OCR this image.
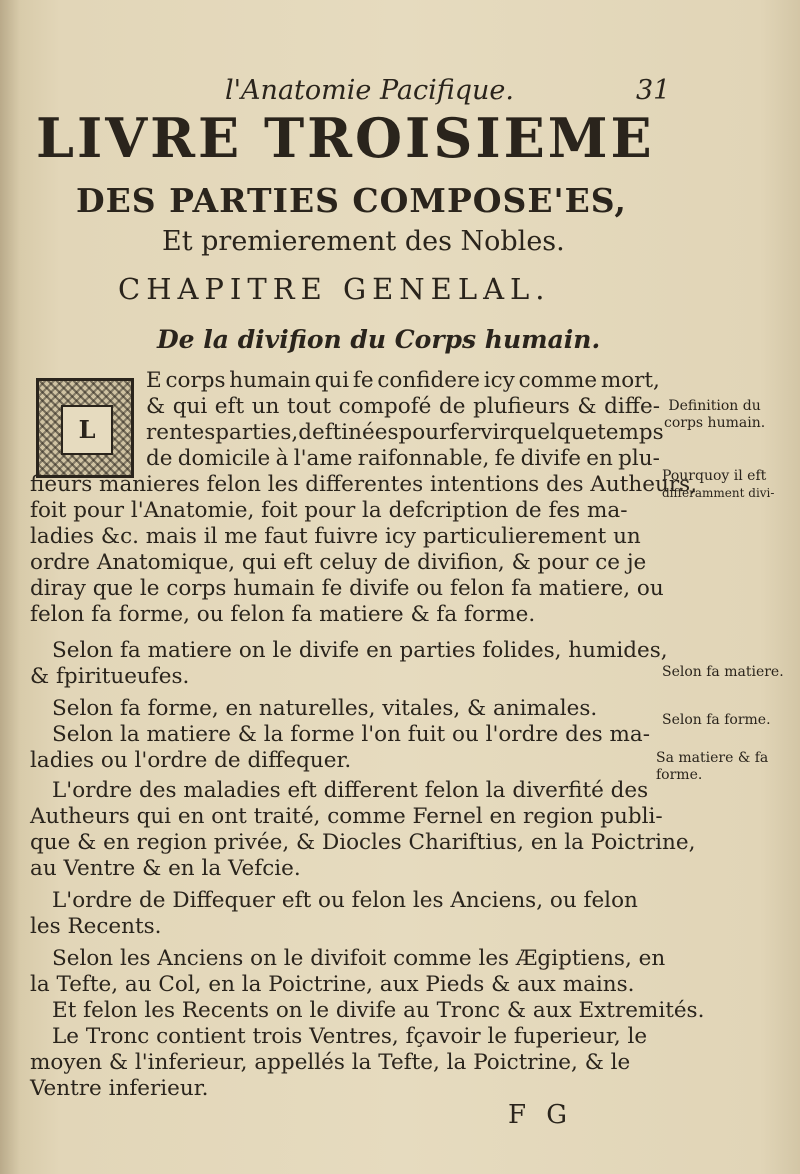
l'Anatomie Pacifique.	31
LIVRE TROISIEME
DES PARTIES COMPOSE'ES,
Et premierement des Nobles.
CHAPITRE GENELAL.
De la divifion du Corps humain.
L
E corps humain qui fe confidere icy comme mort,
& qui eft un tout compofé de plufieurs & diffe-
rentes parties, deftinées pour fervir quelque temps
de domicile à l'ame raifonnable, fe divife en plu-
fieurs manieres felon les differentes intentions des Autheurs,
foit pour l'Anatomie, foit pour la defcription de fes ma-
ladies &c. mais il me faut fuivre icy particulierement un
ordre Anatomique, qui eft celuy de divifion, & pour ce je
diray que le corps humain fe divife ou felon fa matiere, ou
felon fa forme, ou felon fa matiere & fa forme.
Selon fa matiere on le divife en parties folides, humides,
& fpiritueufes.
Selon fa forme, en naturelles, vitales, & animales.
Selon la matiere & la forme l'on fuit ou l'ordre des ma-
ladies ou l'ordre de diffequer.
L'ordre des maladies eft different felon la diverfité des
Autheurs qui en ont traité, comme Fernel en region publi-
que & en region privée, & Diocles Chariftius, en la Poictrine,
au Ventre & en la Vefcie.
L'ordre de Diffequer eft ou felon les Anciens, ou felon
les Recents.
Selon les Anciens on le divifoit comme les Ægiptiens, en
la Tefte, au Col, en la Poictrine, aux Pieds & aux mains.
Et felon les Recents on le divife au Tronc & aux Extremités.
Le Tronc contient trois Ventres, fçavoir le fuperieur, le
moyen & l'inferieur, appellés la Tefte, la Poictrine, & le
Ventre inferieur.
Definition du
corps humain.
Pourquoy il eft
differamment divi-
Selon fa matiere.
Selon fa forme.
Sa matiere & fa
forme.
F G
